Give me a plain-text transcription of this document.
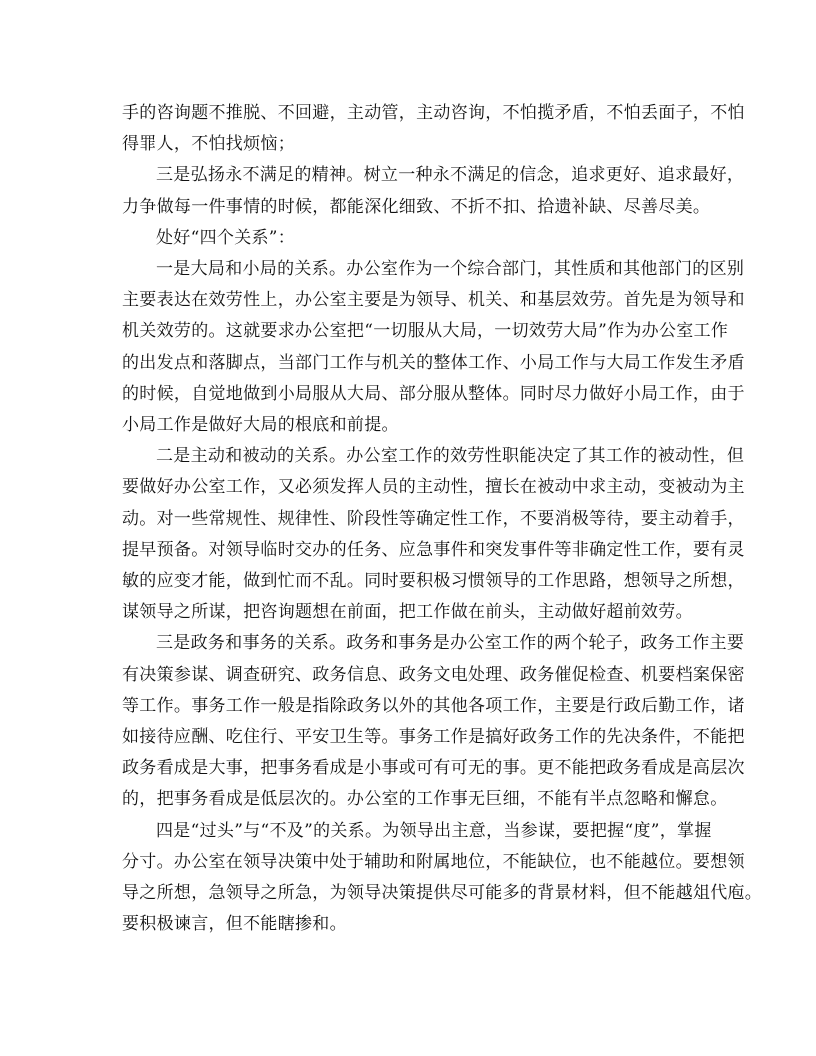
手的咨询题不推脱、不回避，主动管，主动咨询，不怕揽矛盾，不怕丢面子，不怕
得罪人，不怕找烦恼；
三是弘扬永不满足的精神。树立一种永不满足的信念，追求更好、追求最好，
力争做每一件事情的时候，都能深化细致、不折不扣、拾遗补缺、尽善尽美。
处好“四个关系”：
一是大局和小局的关系。办公室作为一个综合部门，其性质和其他部门的区别
主要表达在效劳性上，办公室主要是为领导、机关、和基层效劳。首先是为领导和
机关效劳的。这就要求办公室把“一切服从大局，一切效劳大局”作为办公室工作
的出发点和落脚点，当部门工作与机关的整体工作、小局工作与大局工作发生矛盾
的时候，自觉地做到小局服从大局、部分服从整体。同时尽力做好小局工作，由于
小局工作是做好大局的根底和前提。
二是主动和被动的关系。办公室工作的效劳性职能决定了其工作的被动性，但
要做好办公室工作，又必须发挥人员的主动性，擅长在被动中求主动，变被动为主
动。对一些常规性、规律性、阶段性等确定性工作，不要消极等待，要主动着手，
提早预备。对领导临时交办的任务、应急事件和突发事件等非确定性工作，要有灵
敏的应变才能，做到忙而不乱。同时要积极习惯领导的工作思路，想领导之所想，
谋领导之所谋，把咨询题想在前面，把工作做在前头，主动做好超前效劳。
三是政务和事务的关系。政务和事务是办公室工作的两个轮子，政务工作主要
有决策参谋、调查研究、政务信息、政务文电处理、政务催促检查、机要档案保密
等工作。事务工作一般是指除政务以外的其他各项工作，主要是行政后勤工作，诸
如接待应酬、吃住行、平安卫生等。事务工作是搞好政务工作的先决条件，不能把
政务看成是大事，把事务看成是小事或可有可无的事。更不能把政务看成是高层次
的，把事务看成是低层次的。办公室的工作事无巨细，不能有半点忽略和懈怠。
四是“过头”与“不及”的关系。为领导出主意，当参谋，要把握“度”，掌握
分寸。办公室在领导决策中处于辅助和附属地位，不能缺位，也不能越位。要想领
导之所想，急领导之所急，为领导决策提供尽可能多的背景材料，但不能越俎代庖。
要积极谏言，但不能瞎掺和。
